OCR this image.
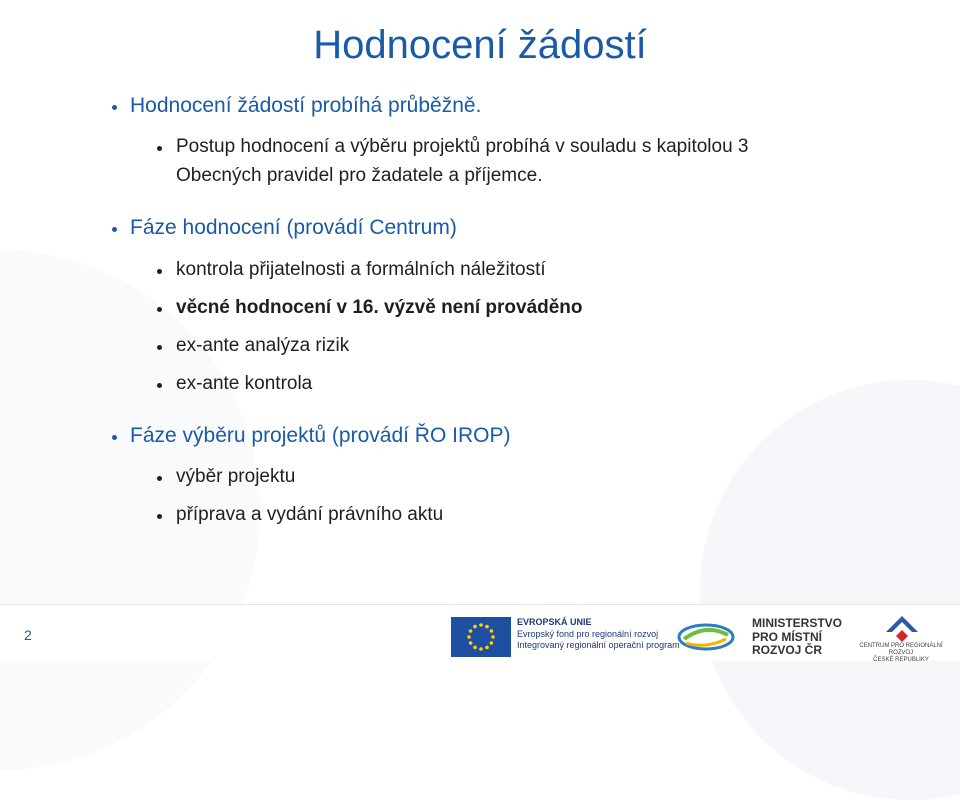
Hodnocení žádostí
Hodnocení žádostí probíhá průběžně.
Postup hodnocení a výběru projektů probíhá v souladu s kapitolou 3
Obecných pravidel pro žadatele a příjemce.
Fáze hodnocení (provádí Centrum)
kontrola přijatelnosti a formálních náležitostí
věcné hodnocení v 16. výzvě není prováděno
ex-ante analýza rizik
ex-ante kontrola
Fáze výběru projektů (provádí ŘO IROP)
výběr projektu
příprava a vydání právního aktu
2
EVROPSKÁ UNIE
Evropský fond pro regionální rozvoj
Integrovaný regionální operační program
MINISTERSTVO
PRO MÍSTNÍ
ROZVOJ ČR	CENTRUM PRO REGIONÁLNÍ ROZVOJ
ČESKÉ REPUBLIKY
